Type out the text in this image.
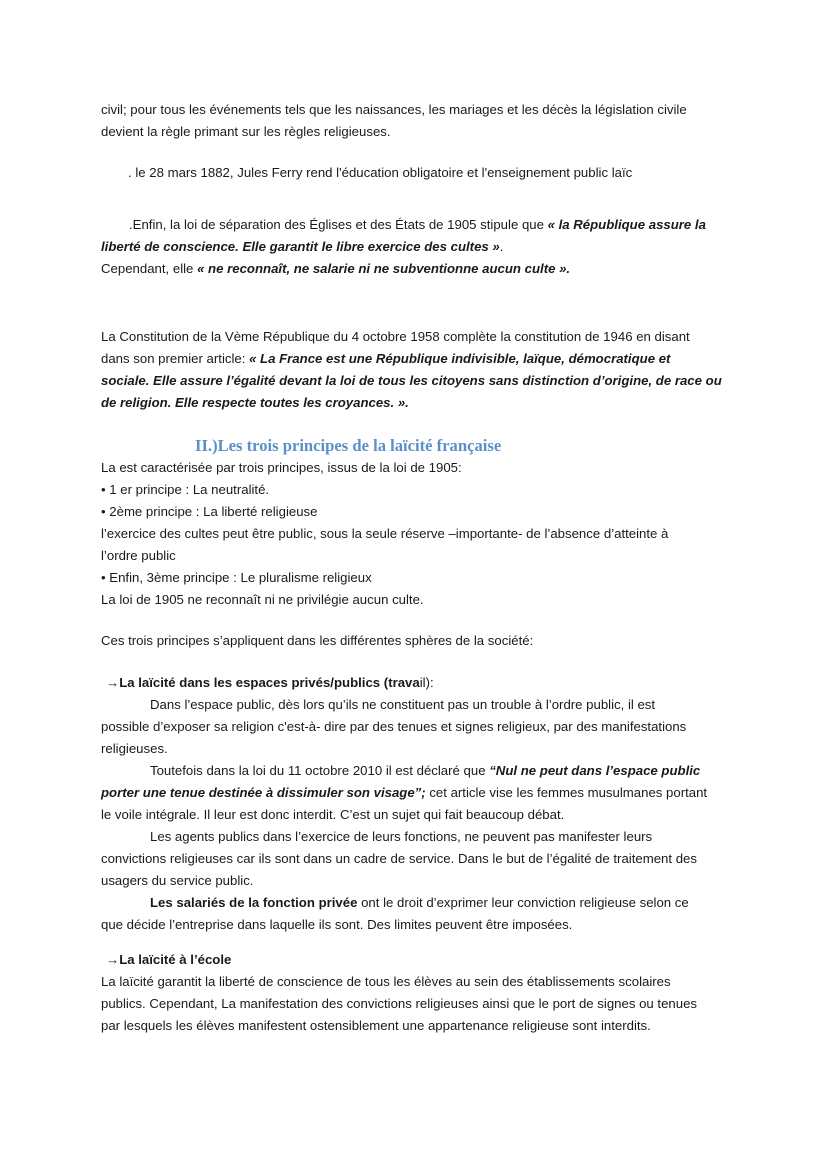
civil; pour tous les événements tels que les naissances, les mariages et les décès la législation civile
devient la règle primant sur les règles religieuses.

. le 28 mars 1882, Jules Ferry rend l'éducation obligatoire et l'enseignement public laïc

.Enfin, la loi de séparation des Églises et des États de 1905 stipule que « la République assure la
liberté de conscience. Elle garantit le libre exercice des cultes ».
Cependant, elle « ne reconnaît, ne salarie ni ne subventionne aucun culte ».

La Constitution de la Vème République du 4 octobre 1958 complète la constitution de 1946 en disant
dans son premier article: « La France est une République indivisible, laïque, démocratique et
sociale. Elle assure l’égalité devant la loi de tous les citoyens sans distinction d’origine, de race ou
de religion. Elle respecte toutes les croyances. ».

II.)Les trois principes de la laïcité française

La est caractérisée par trois principes, issus de la loi de 1905:
• 1 er principe : La neutralité.
• 2ème principe : La liberté religieuse
l’exercice des cultes peut être public, sous la seule réserve –importante- de l’absence d’atteinte à
l’ordre public
• Enfin, 3ème principe : Le pluralisme religieux
La loi de 1905 ne reconnaît ni ne privilégie aucun culte.

Ces trois principes s’appliquent dans les différentes sphères de la société:

→La laïcité dans les espaces privés/publics (travail):
Dans l’espace public, dès lors qu’ils ne constituent pas un trouble à l’ordre public, il est
possible d’exposer sa religion c'est-à- dire par des tenues et signes religieux, par des manifestations
religieuses.
Toutefois dans la loi du 11 octobre 2010 il est déclaré que “Nul ne peut dans l’espace public
porter une tenue destinée à dissimuler son visage”; cet article vise les femmes musulmanes portant
le voile intégrale. Il leur est donc interdit. C’est un sujet qui fait beaucoup débat.
Les agents publics dans l’exercice de leurs fonctions, ne peuvent pas manifester leurs
convictions religieuses car ils sont dans un cadre de service. Dans le but de l’égalité de traitement des
usagers du service public.
Les salariés de la fonction privée ont le droit d’exprimer leur conviction religieuse selon ce
que décide l’entreprise dans laquelle ils sont. Des limites peuvent être imposées.

→La laïcité à l’école
La laïcité garantit la liberté de conscience de tous les élèves au sein des établissements scolaires
publics. Cependant, La manifestation des convictions religieuses ainsi que le port de signes ou tenues
par lesquels les élèves manifestent ostensiblement une appartenance religieuse sont interdits.
